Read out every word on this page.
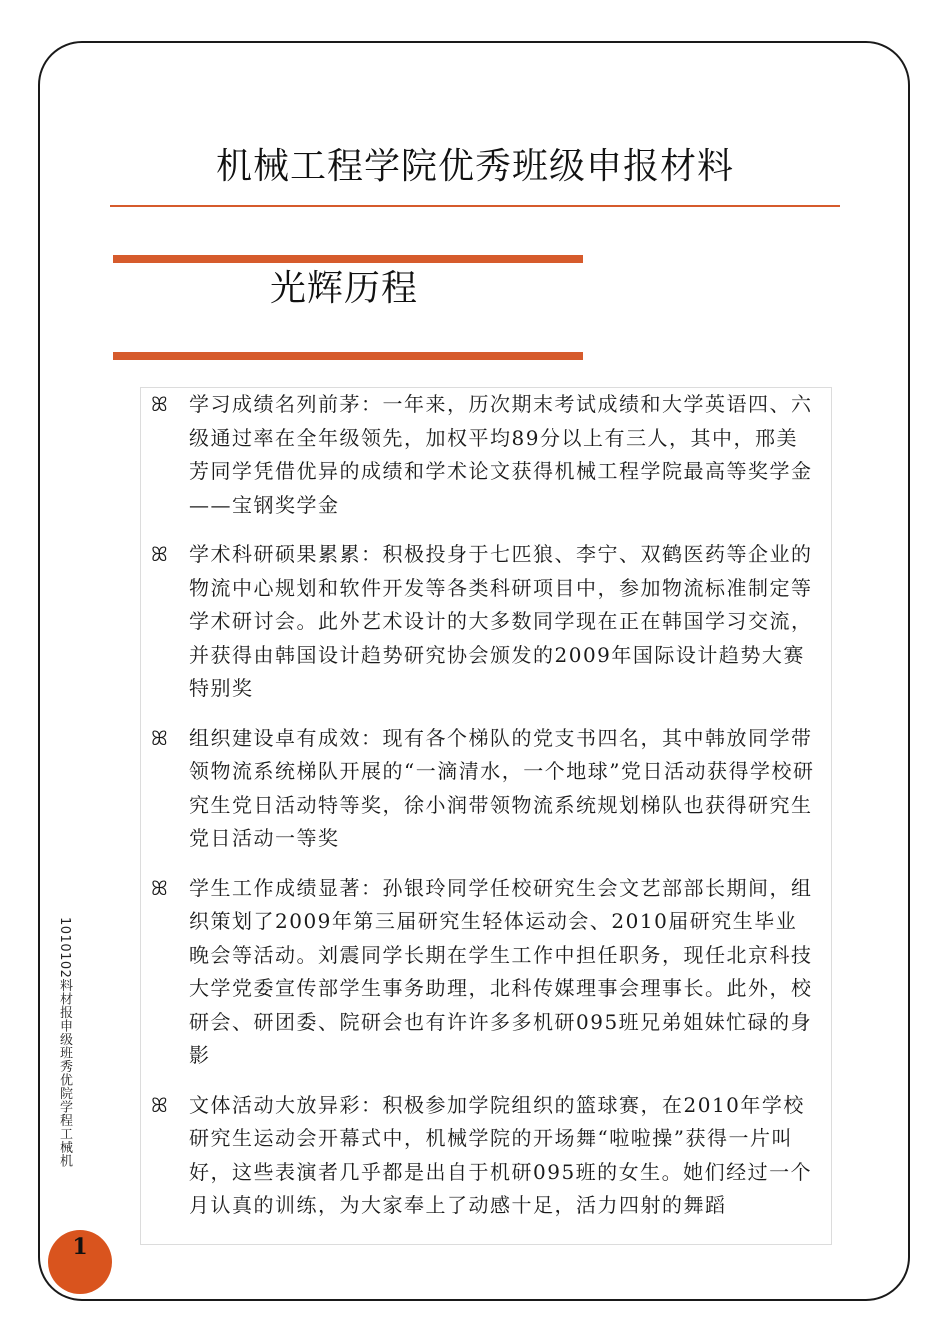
机械工程学院优秀班级申报材料
光辉历程
ꕤ 学习成绩名列前茅：一年来，历次期末考试成绩和大学英语四、六级通过率在全年级领先，加权平均89分以上有三人，其中，邢美芳同学凭借优异的成绩和学术论文获得机械工程学院最高等奖学金——宝钢奖学金
ꕤ 学术科研硕果累累：积极投身于七匹狼、李宁、双鹤医药等企业的物流中心规划和软件开发等各类科研项目中，参加物流标准制定等学术研讨会。此外艺术设计的大多数同学现在正在韩国学习交流，并获得由韩国设计趋势研究协会颁发的2009年国际设计趋势大赛特别奖
ꕤ 组织建设卓有成效：现有各个梯队的党支书四名，其中韩放同学带领物流系统梯队开展的“一滴清水，一个地球”党日活动获得学校研究生党日活动特等奖，徐小润带领物流系统规划梯队也获得研究生党日活动一等奖
ꕤ 学生工作成绩显著：孙银玲同学任校研究生会文艺部部长期间，组织策划了2009年第三届研究生轻体运动会、2010届研究生毕业晚会等活动。刘震同学长期在学生工作中担任职务，现任北京科技大学党委宣传部学生事务助理，北科传媒理事会理事长。此外，校研会、研团委、院研会也有许许多多机研095班兄弟姐妹忙碌的身影
ꕤ 文体活动大放异彩：积极参加学院组织的篮球赛，在2010年学校研究生运动会开幕式中，机械学院的开场舞“啦啦操”获得一片叫好，这些表演者几乎都是出自于机研095班的女生。她们经过一个月认真的训练，为大家奉上了动感十足，活力四射的舞蹈
1010102料材报申级班秀优院学程工械机
1
